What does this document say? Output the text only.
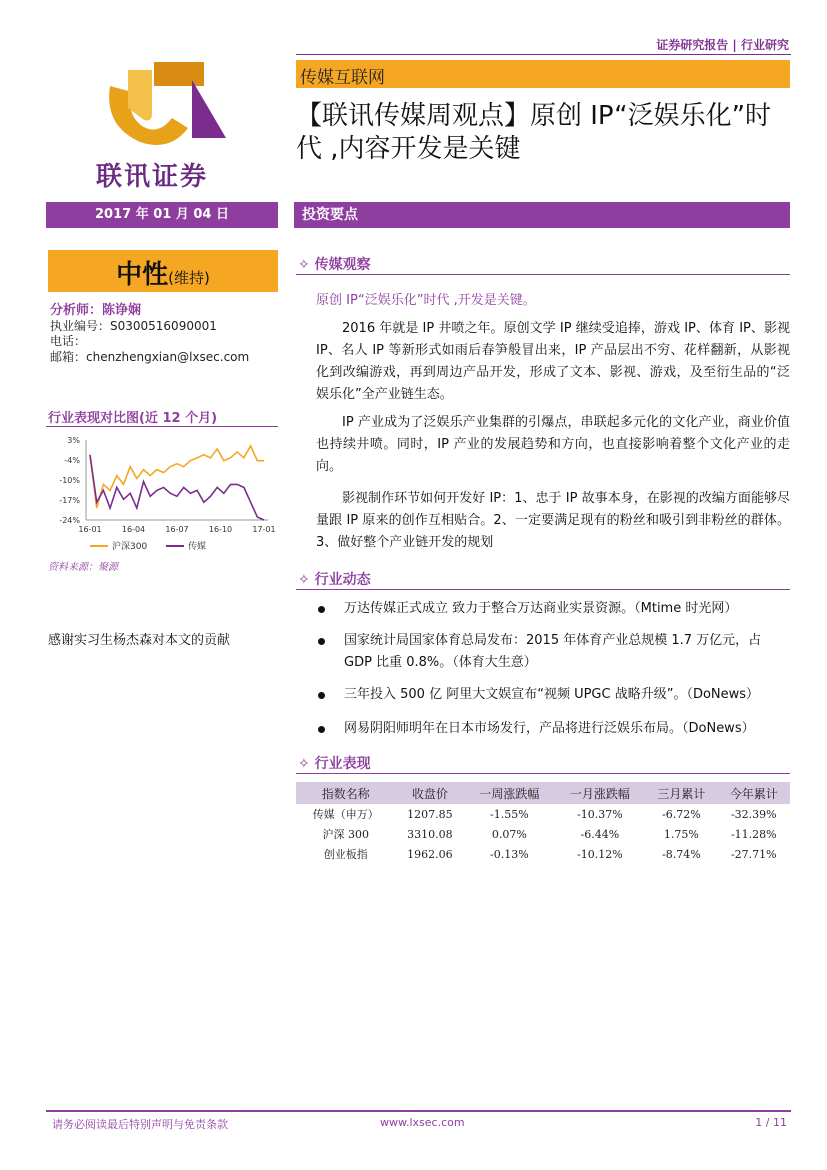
证券研究报告 | 行业研究
联讯证券
传媒互联网
【联讯传媒周观点】原创 IP“泛娱乐化”时代 ,内容开发是关键
2017 年 01 月 04 日	投资要点
中性(维持)
分析师：陈诤娴
执业编号：S0300516090001
电话：
邮箱：chenzhengxian@lxsec.com
行业表现对比图(近 12 个月)
3%
-4%
-10%
-17%
-24%
16-01	16-04	16-07	16-10	17-01
沪深300	传媒
资料来源：聚源
感谢实习生杨杰森对本文的贡献
✧ 传媒观察
原创 IP“泛娱乐化”时代 ,开发是关键。
2016 年就是 IP 井喷之年。原创文学 IP 继续受追捧，游戏 IP、体育 IP、影视 IP、名人 IP 等新形式如雨后春笋般冒出来，IP 产品层出不穷、花样翻新，从影视化到改编游戏，再到周边产品开发，形成了文本、影视、游戏，及至衍生品的“泛娱乐化”全产业链生态。
IP 产业成为了泛娱乐产业集群的引爆点，串联起多元化的文化产业，商业价值也持续井喷。同时，IP 产业的发展趋势和方向，也直接影响着整个文化产业的走向。
影视制作环节如何开发好 IP：1、忠于 IP 故事本身，在影视的改编方面能够尽量跟 IP 原来的创作互相贴合。2、一定要满足现有的粉丝和吸引到非粉丝的群体。3、做好整个产业链开发的规划
✧ 行业动态
万达传媒正式成立 致力于整合万达商业实景资源。（Mtime 时光网）
国家统计局国家体育总局发布：2015 年体育产业总规模 1.7 万亿元，占 GDP 比重 0.8%。（体育大生意）
三年投入 500 亿 阿里大文娱宣布“视频 UPGC 战略升级”。（DoNews）
网易阴阳师明年在日本市场发行，产品将进行泛娱乐布局。（DoNews）
✧ 行业表现
指数名称	收盘价	一周涨跌幅	一月涨跌幅	三月累计	今年累计
传媒（申万）	1207.85	-1.55%	-10.37%	-6.72%	-32.39%
沪深 300	3310.08	0.07%	-6.44%	1.75%	-11.28%
创业板指	1962.06	-0.13%	-10.12%	-8.74%	-27.71%
请务必阅读最后特别声明与免责条款	www.lxsec.com	1 / 11
